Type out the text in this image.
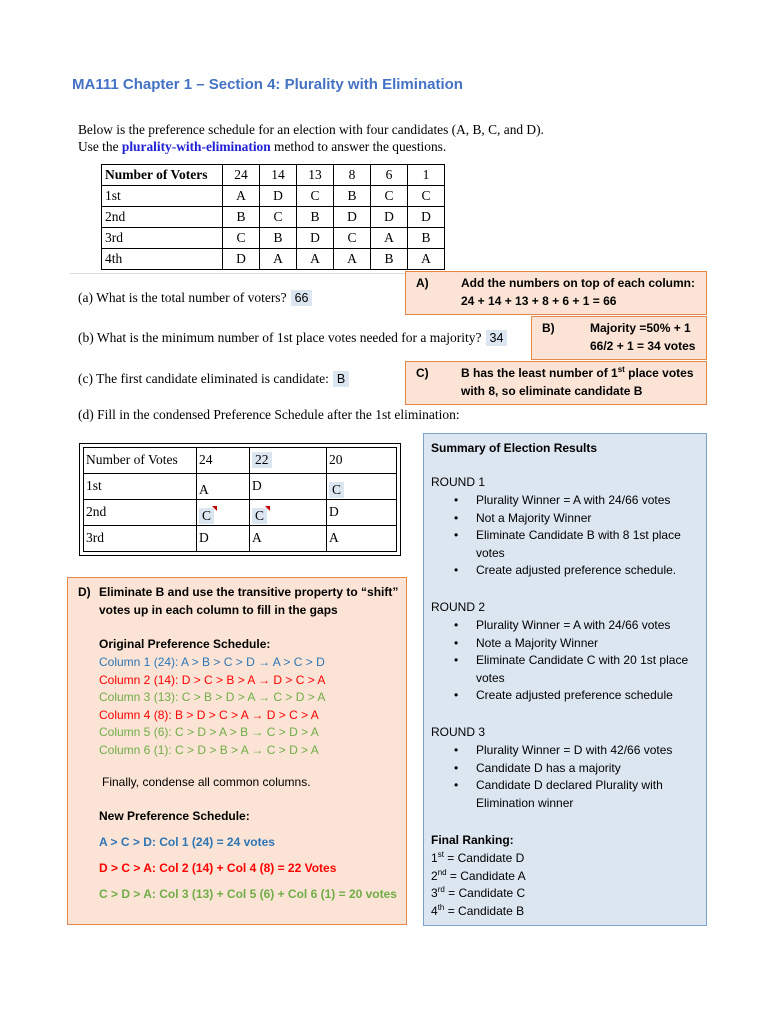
MA111 Chapter 1 – Section 4: Plurality with Elimination
Below is the preference schedule for an election with four candidates (A, B, C, and D).
Use the plurality-with-elimination method to answer the questions.
Number of Voters	24	14	13	8	6	1
1st	A	D	C	B	C	C
2nd	B	C	B	D	D	D
3rd	C	B	D	C	A	B
4th	D	A	A	A	B	A
(a) What is the total number of voters? 66
(b) What is the minimum number of 1st place votes needed for a majority? 34
(c) The first candidate eliminated is candidate: B
(d) Fill in the condensed Preference Schedule after the 1st elimination:
A)	Add the numbers on top of each column:
24 + 14 + 13 + 8 + 6 + 1 = 66
B)	Majority =50% + 1
66/2 + 1 = 34 votes
C)	B has the least number of 1st place votes
with 8, so eliminate candidate B
Number of Votes	24	22	20
1st	A	D	C
2nd	C	C	D
3rd	D	A	A
D) Eliminate B and use the transitive property to “shift”
votes up in each column to fill in the gaps
Original Preference Schedule:
Column 1 (24): A > B > C > D → A > C > D
Column 2 (14): D > C > B > A → D > C > A
Column 3 (13): C > B > D > A → C > D > A
Column 4 (8): B > D > C > A → D > C > A
Column 5 (6): C > D > A > B → C > D > A
Column 6 (1): C > D > B > A → C > D > A
Finally, condense all common columns.
New Preference Schedule:
A > C > D: Col 1 (24) = 24 votes
D > C > A: Col 2 (14) + Col 4 (8) = 22 Votes
C > D > A: Col 3 (13) + Col 5 (6) + Col 6 (1) = 20 votes
Summary of Election Results
ROUND 1
• Plurality Winner = A with 24/66 votes
• Not a Majority Winner
• Eliminate Candidate B with 8 1st place votes
• Create adjusted preference schedule.
ROUND 2
• Plurality Winner = A with 24/66 votes
• Note a Majority Winner
• Eliminate Candidate C with 20 1st place votes
• Create adjusted preference schedule
ROUND 3
• Plurality Winner = D with 42/66 votes
• Candidate D has a majority
• Candidate D declared Plurality with Elimination winner
Final Ranking:
1st = Candidate D
2nd = Candidate A
3rd = Candidate C
4th = Candidate B
